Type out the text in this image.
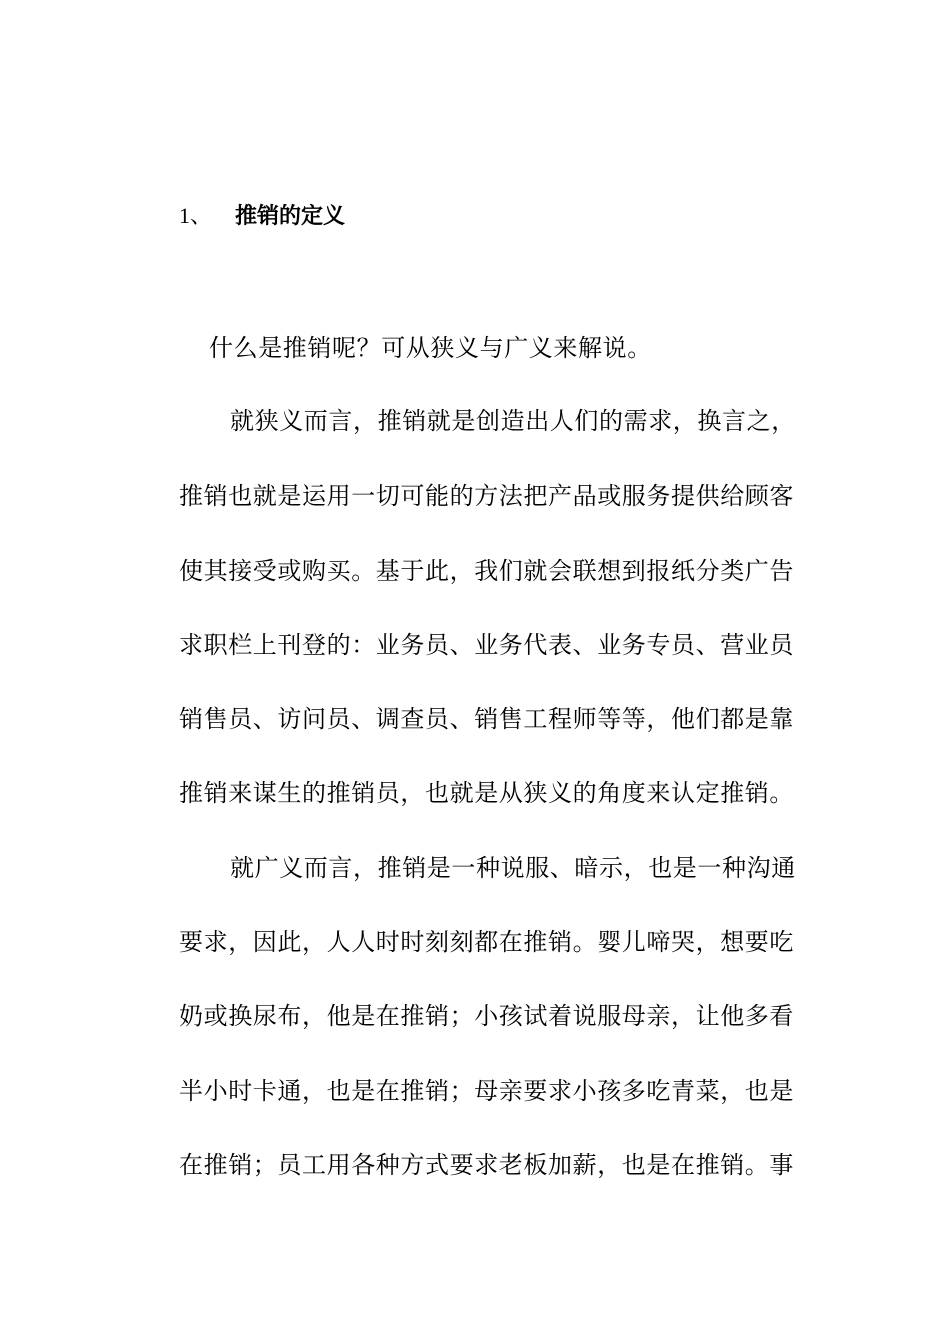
1、 推销的定义
什么是推销呢？可从狭义与广义来解说。
就狭义而言，推销就是创造出人们的需求，换言之，
推销也就是运用一切可能的方法把产品或服务提供给顾客
使其接受或购买。基于此，我们就会联想到报纸分类广告
求职栏上刊登的：业务员、业务代表、业务专员、营业员
销售员、访问员、调查员、销售工程师等等，他们都是靠
推销来谋生的推销员，也就是从狭义的角度来认定推销。
就广义而言，推销是一种说服、暗示，也是一种沟通
要求，因此，人人时时刻刻都在推销。婴儿啼哭，想要吃
奶或换尿布，他是在推销；小孩试着说服母亲，让他多看
半小时卡通，也是在推销；母亲要求小孩多吃青菜，也是
在推销；员工用各种方式要求老板加薪，也是在推销。事
